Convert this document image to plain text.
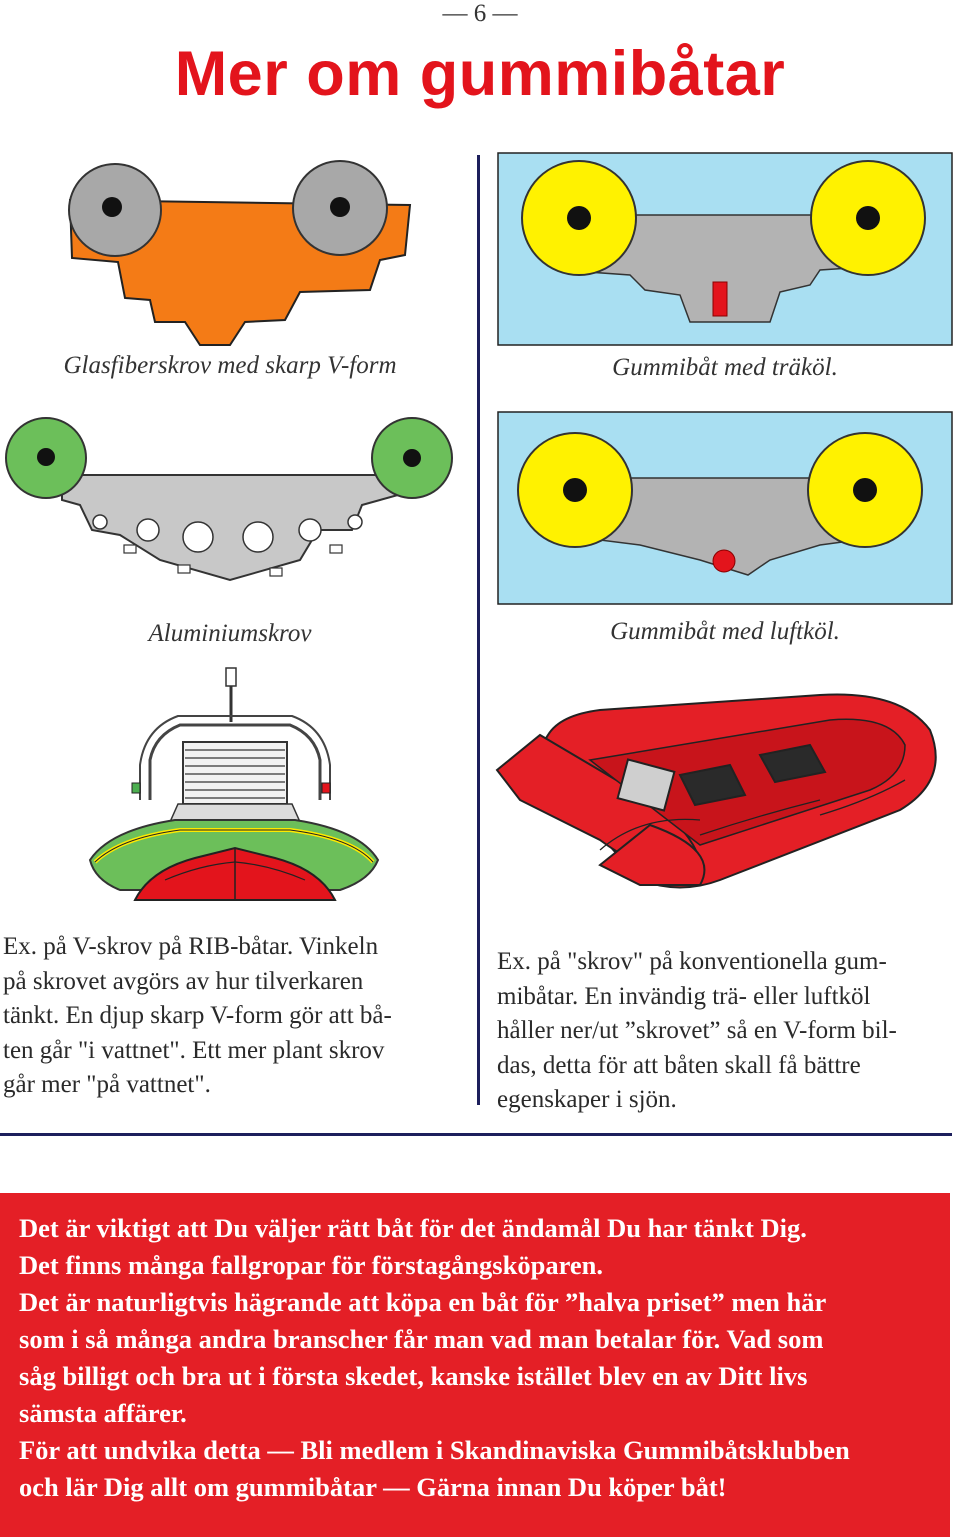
— 6 —
Mer om gummibåtar
Glasfiberskrov med skarp V-form	Gummibåt med träköl.
Aluminiumskrov	Gummibåt med luftköl.
Ex. på V-skrov på RIB-båtar. Vinkeln
på skrovet avgörs av hur tilverkaren
tänkt. En djup skarp V-form gör att bå-
ten går "i vattnet". Ett mer plant skrov
går mer "på vattnet".
Ex. på "skrov" på konventionella gum-
mibåtar. En invändig trä- eller luftköl
håller ner/ut ”skrovet” så en V-form bil-
das, detta för att båten skall få bättre
egenskaper i sjön.
Det är viktigt att Du väljer rätt båt för det ändamål Du har tänkt Dig.
Det finns många fallgropar för förstagångsköparen.
Det är naturligtvis hägrande att köpa en båt för ”halva priset” men här
som i så många andra branscher får man vad man betalar för. Vad som
såg billigt och bra ut i första skedet, kanske istället blev en av Ditt livs
sämsta affärer.
För att undvika detta — Bli medlem i Skandinaviska Gummibåtsklubben
och lär Dig allt om gummibåtar — Gärna innan Du köper båt!
